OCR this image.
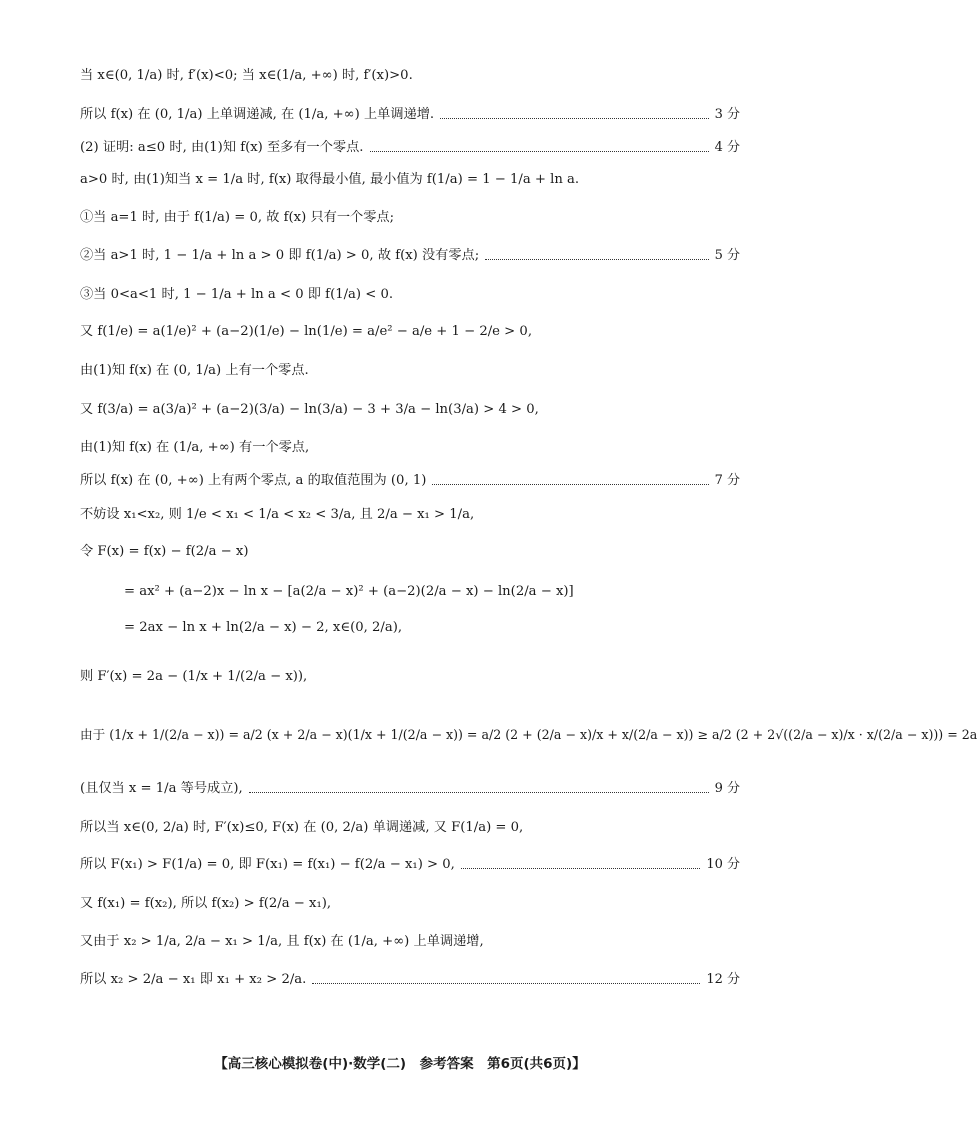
当 x∈(0, 1/a) 时, f′(x)<0; 当 x∈(1/a, +∞) 时, f′(x)>0.
所以 f(x) 在 (0, 1/a) 上单调递减, 在 (1/a, +∞) 上单调递增.	3 分
(2) 证明: a≤0 时, 由(1)知 f(x) 至多有一个零点.	4 分
a>0 时, 由(1)知当 x = 1/a 时, f(x) 取得最小值, 最小值为 f(1/a) = 1 − 1/a + ln a.
①当 a=1 时, 由于 f(1/a) = 0, 故 f(x) 只有一个零点;
②当 a>1 时, 1 − 1/a + ln a > 0 即 f(1/a) > 0, 故 f(x) 没有零点;	5 分
③当 0<a<1 时, 1 − 1/a + ln a < 0 即 f(1/a) < 0.
又 f(1/e) = a(1/e)² + (a−2)(1/e) − ln(1/e) = a/e² − a/e + 1 − 2/e > 0,
由(1)知 f(x) 在 (0, 1/a) 上有一个零点.
又 f(3/a) = a(3/a)² + (a−2)(3/a) − ln(3/a) − 3 + 3/a − ln(3/a) > 4 > 0,
由(1)知 f(x) 在 (1/a, +∞) 有一个零点,
所以 f(x) 在 (0, +∞) 上有两个零点, a 的取值范围为 (0, 1)	7 分
不妨设 x₁<x₂, 则 1/e < x₁ < 1/a < x₂ < 3/a, 且 2/a − x₁ > 1/a,
令 F(x) = f(x) − f(2/a − x)
= ax² + (a−2)x − ln x − [a(2/a − x)² + (a−2)(2/a − x) − ln(2/a − x)]
= 2ax − ln x + ln(2/a − x) − 2, x∈(0, 2/a),
则 F′(x) = 2a − (1/x + 1/(2/a − x)),
由于 (1/x + 1/(2/a − x)) = a/2 (x + 2/a − x)(1/x + 1/(2/a − x)) = a/2 (2 + (2/a − x)/x + x/(2/a − x)) ≥ a/2 (2 + 2√((2/a − x)/x · x/(2/a − x))) = 2a
(且仅当 x = 1/a 等号成立),	9 分
所以当 x∈(0, 2/a) 时, F′(x)≤0, F(x) 在 (0, 2/a) 单调递减, 又 F(1/a) = 0,
所以 F(x₁) > F(1/a) = 0, 即 F(x₁) = f(x₁) − f(2/a − x₁) > 0,	10 分
又 f(x₁) = f(x₂), 所以 f(x₂) > f(2/a − x₁),
又由于 x₂ > 1/a, 2/a − x₁ > 1/a, 且 f(x) 在 (1/a, +∞) 上单调递增,
所以 x₂ > 2/a − x₁ 即 x₁ + x₂ > 2/a.	12 分
【高三核心模拟卷(中)·数学(二)　参考答案　第6页(共6页)】
